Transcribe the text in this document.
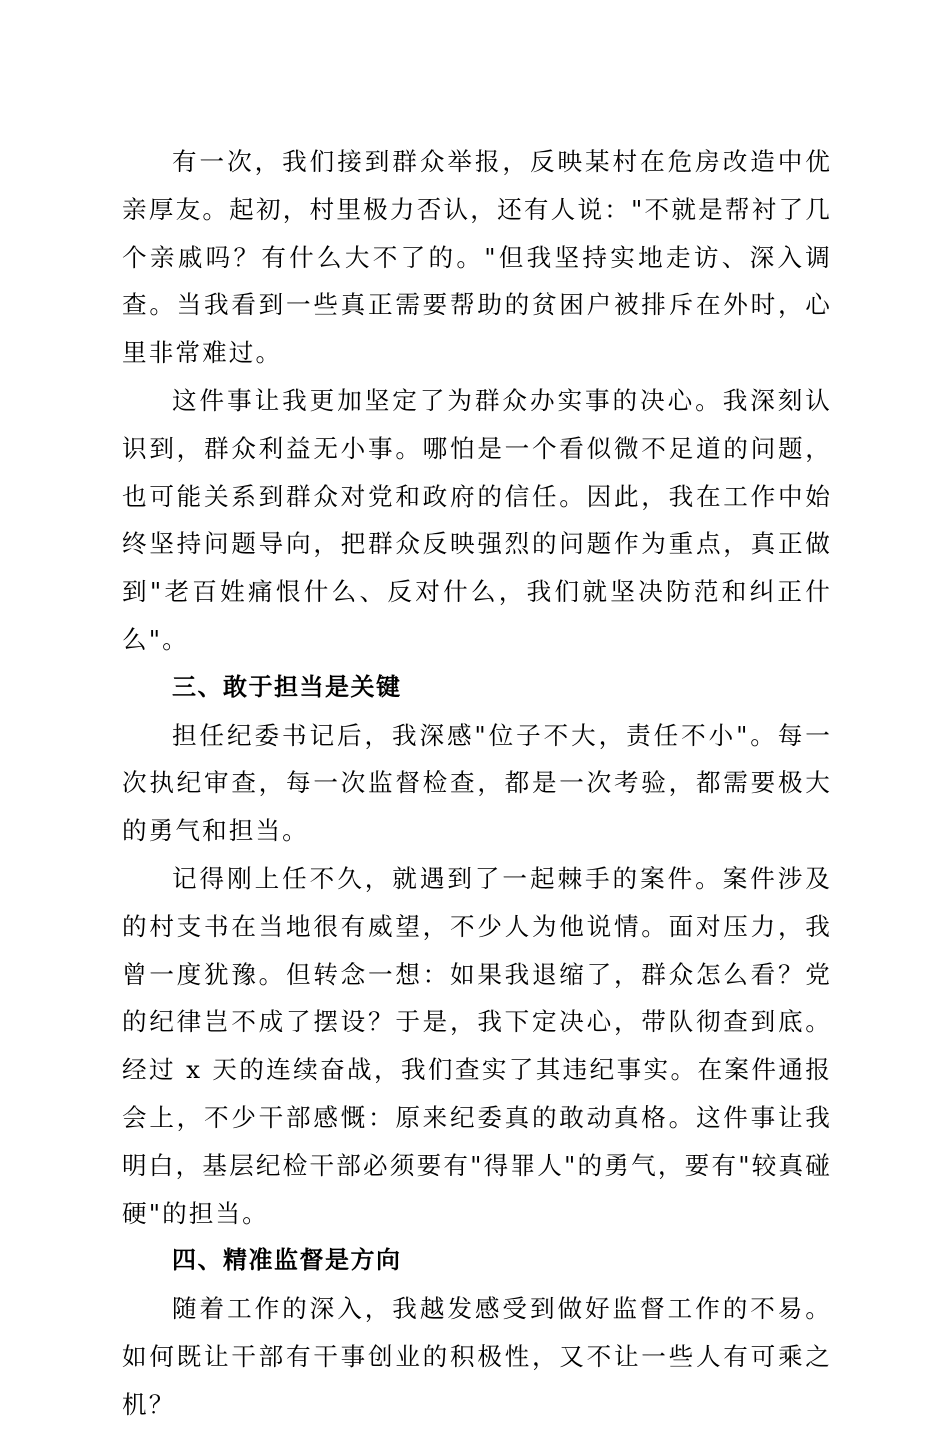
有一次，我们接到群众举报，反映某村在危房改造中优亲厚友。起初，村里极力否认，还有人说："不就是帮衬了几个亲戚吗？有什么大不了的。"但我坚持实地走访、深入调查。当我看到一些真正需要帮助的贫困户被排斥在外时，心里非常难过。

这件事让我更加坚定了为群众办实事的决心。我深刻认识到，群众利益无小事。哪怕是一个看似微不足道的问题，也可能关系到群众对党和政府的信任。因此，我在工作中始终坚持问题导向，把群众反映强烈的问题作为重点，真正做到"老百姓痛恨什么、反对什么，我们就坚决防范和纠正什么"。

三、敢于担当是关键

担任纪委书记后，我深感"位子不大，责任不小"。每一次执纪审查，每一次监督检查，都是一次考验，都需要极大的勇气和担当。

记得刚上任不久，就遇到了一起棘手的案件。案件涉及的村支书在当地很有威望，不少人为他说情。面对压力，我曾一度犹豫。但转念一想：如果我退缩了，群众怎么看？党的纪律岂不成了摆设？于是，我下定决心，带队彻查到底。经过 x 天的连续奋战，我们查实了其违纪事实。在案件通报会上，不少干部感慨：原来纪委真的敢动真格。这件事让我明白，基层纪检干部必须要有"得罪人"的勇气，要有"较真碰硬"的担当。

四、精准监督是方向

随着工作的深入，我越发感受到做好监督工作的不易。如何既让干部有干事创业的积极性，又不让一些人有可乘之机？
